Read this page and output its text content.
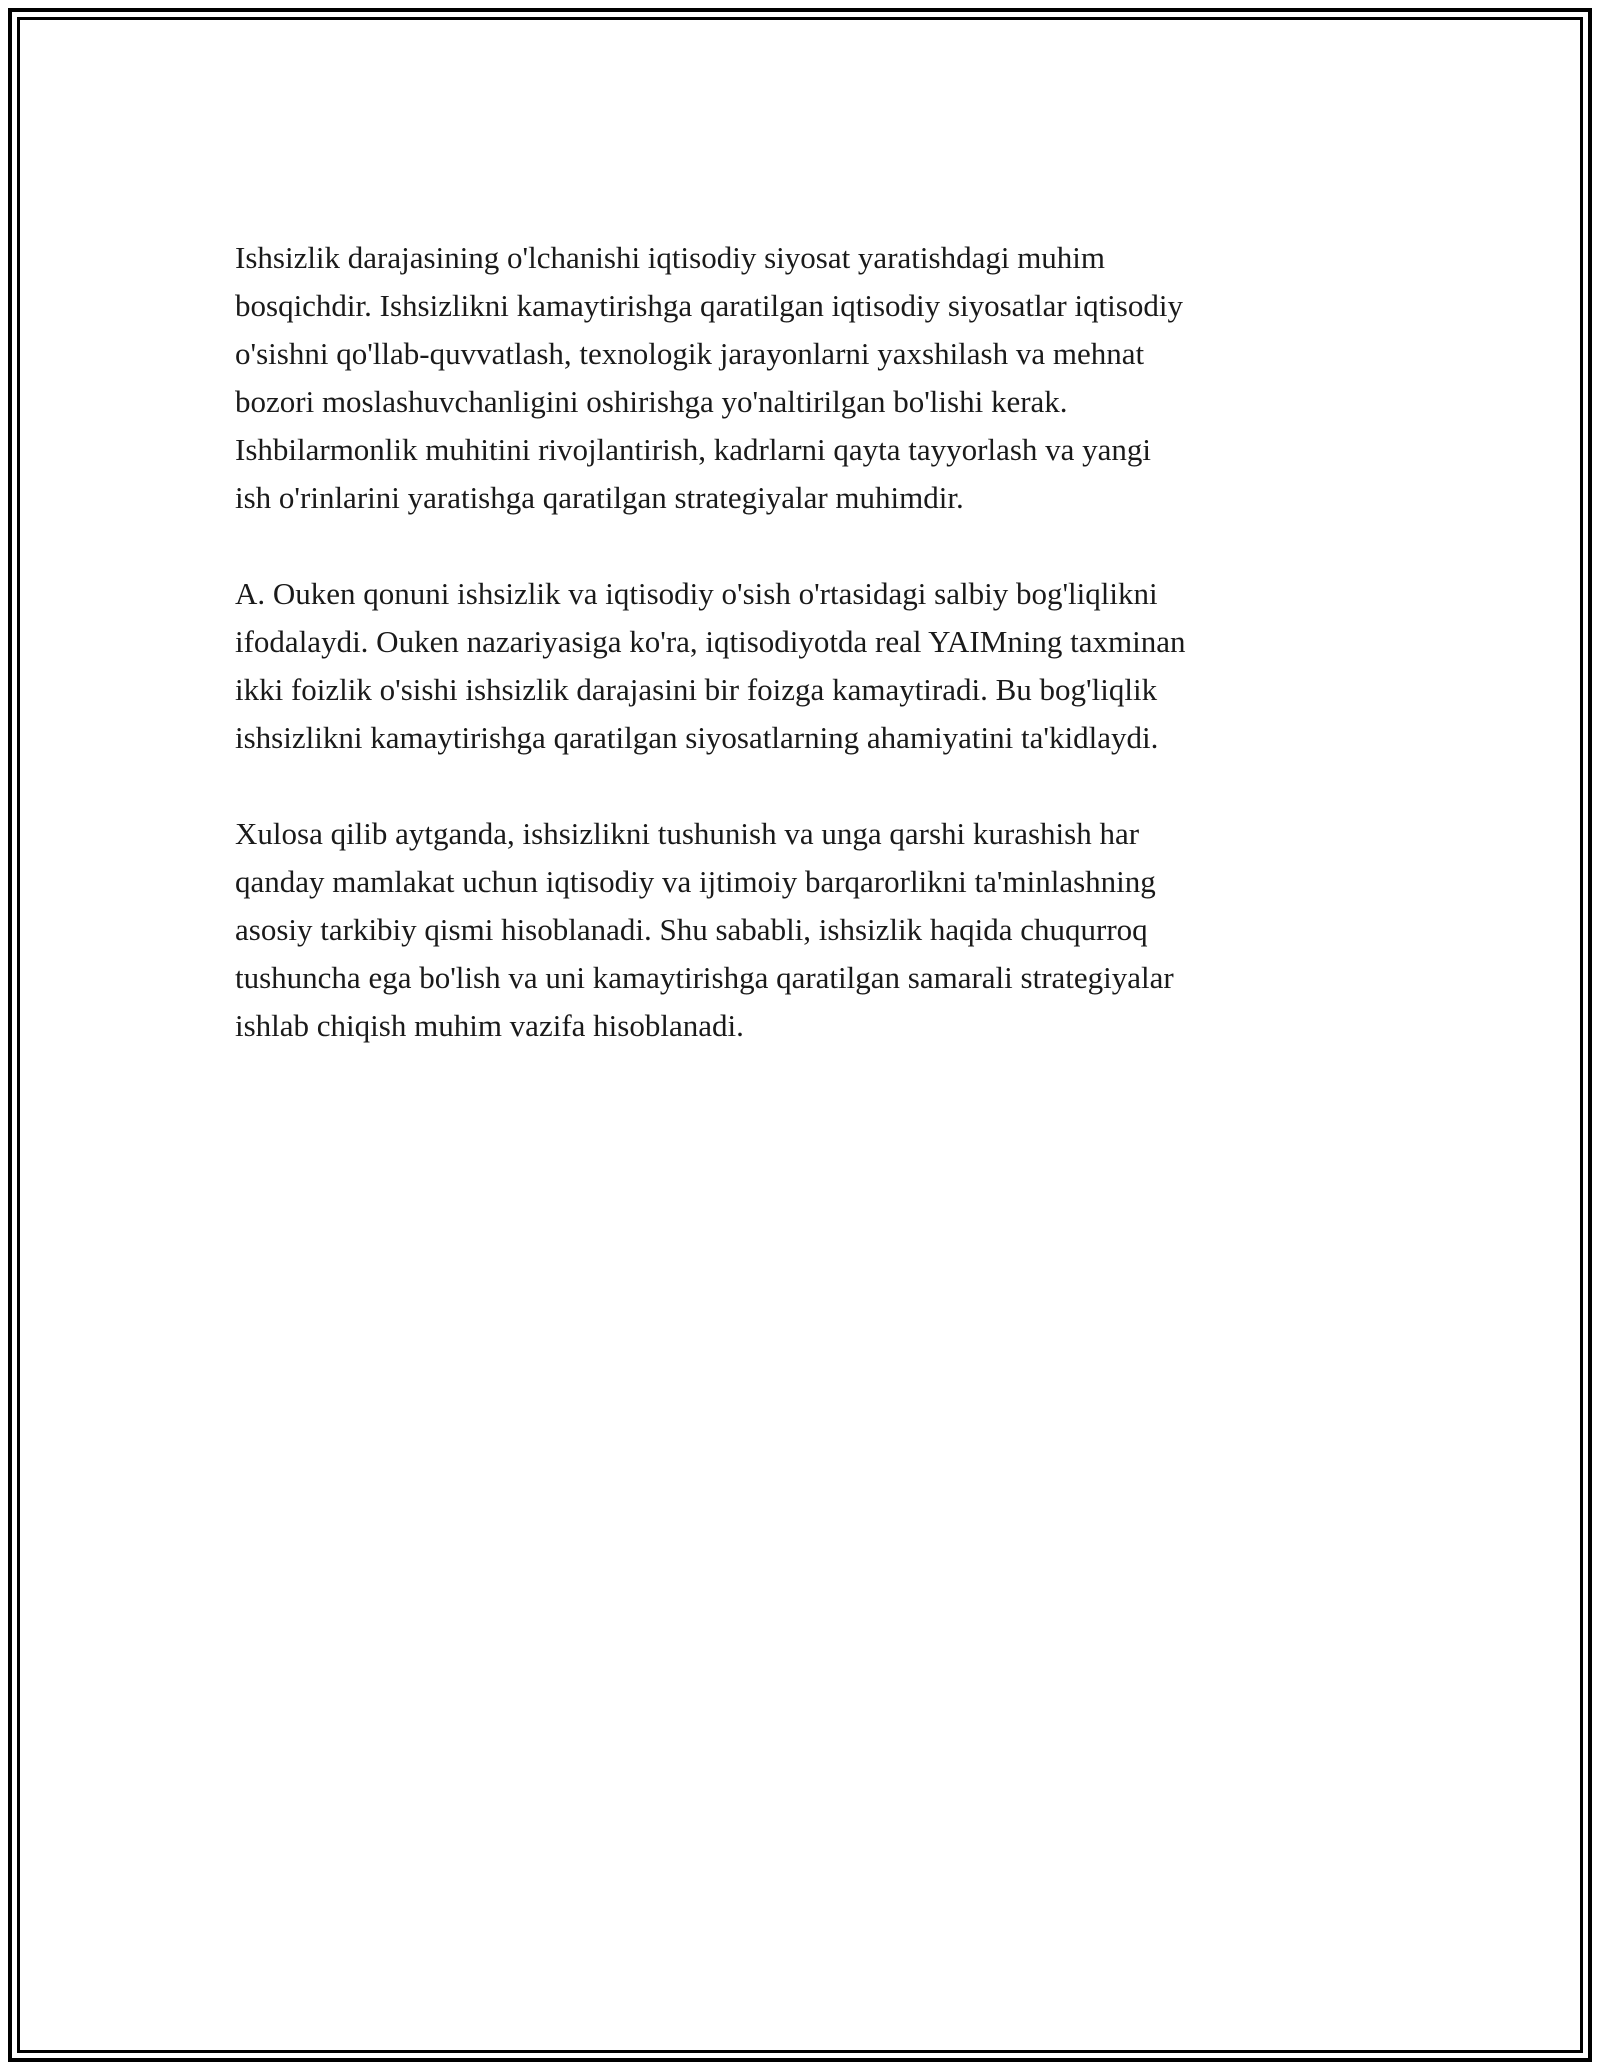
Ishsizlik darajasining o'lchanishi iqtisodiy siyosat yaratishdagi muhim
bosqichdir. Ishsizlikni kamaytirishga qaratilgan iqtisodiy siyosatlar iqtisodiy
o'sishni qo'llab-quvvatlash, texnologik jarayonlarni yaxshilash va mehnat
bozori moslashuvchanligini oshirishga yo'naltirilgan bo'lishi kerak.
Ishbilarmonlik muhitini rivojlantirish, kadrlarni qayta tayyorlash va yangi
ish o'rinlarini yaratishga qaratilgan strategiyalar muhimdir.

A. Ouken qonuni ishsizlik va iqtisodiy o'sish o'rtasidagi salbiy bog'liqlikni
ifodalaydi. Ouken nazariyasiga ko'ra, iqtisodiyotda real YAIMning taxminan
ikki foizlik o'sishi ishsizlik darajasini bir foizga kamaytiradi. Bu bog'liqlik
ishsizlikni kamaytirishga qaratilgan siyosatlarning ahamiyatini ta'kidlaydi.

Xulosa qilib aytganda, ishsizlikni tushunish va unga qarshi kurashish har
qanday mamlakat uchun iqtisodiy va ijtimoiy barqarorlikni ta'minlashning
asosiy tarkibiy qismi hisoblanadi. Shu sababli, ishsizlik haqida chuqurroq
tushuncha ega bo'lish va uni kamaytirishga qaratilgan samarali strategiyalar
ishlab chiqish muhim vazifa hisoblanadi.
